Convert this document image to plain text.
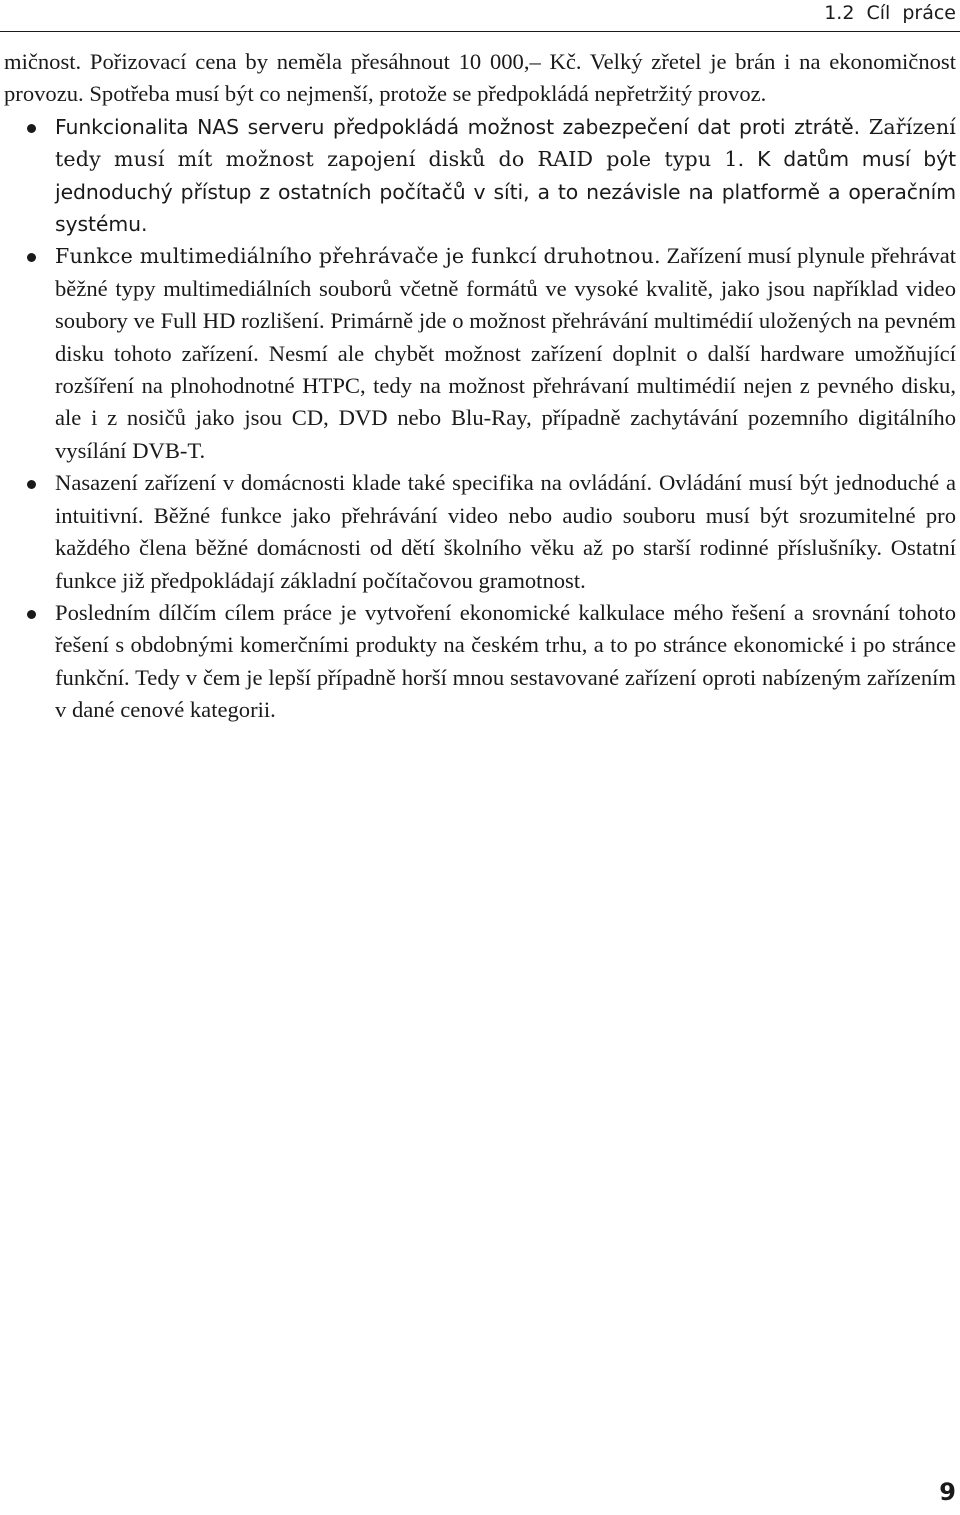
1.2 Cíl práce

mičnost. Pořizovací cena by neměla přesáhnout 10 000,– Kč. Velký zřetel je brán i na ekonomičnost provozu. Spotřeba musí být co nejmenší, protože se předpokládá nepřetržitý provoz.

Funkcionalita NAS serveru předpokládá možnost zabezpečení dat proti ztrátě. Zařízení tedy musí mít možnost zapojení disků do RAID pole typu 1. K datům musí být jednoduchý přístup z ostatních počítačů v síti, a to nezávisle na platformě a operačním systému.
Funkce multimediálního přehrávače je funkcí druhotnou. Zařízení musí plynule přehrávat běžné typy multimediálních souborů včetně formátů ve vysoké kvalitě, jako jsou například video soubory ve Full HD rozlišení. Primárně jde o možnost přehrávání multimédií uložených na pevném disku tohoto zařízení. Nesmí ale chybět možnost zařízení doplnit o další hardware umožňující rozšíření na plnohodnotné HTPC, tedy na možnost přehrávaní multimédií nejen z pevného disku, ale i z nosičů jako jsou CD, DVD nebo Blu-Ray, případně zachytávání pozemního digitálního vysílání DVB-T.
Nasazení zařízení v domácnosti klade také specifika na ovládání. Ovládání musí být jednoduché a intuitivní. Běžné funkce jako přehrávání video nebo audio souboru musí být srozumitelné pro každého člena běžné domácnosti od dětí školního věku až po starší rodinné příslušníky. Ostatní funkce již předpokládají základní počítačovou gramotnost.
Posledním dílčím cílem práce je vytvoření ekonomické kalkulace mého řešení a srovnání tohoto řešení s obdobnými komerčními produkty na českém trhu, a to po stránce ekonomické i po stránce funkční. Tedy v čem je lepší případně horší mnou sestavované zařízení oproti nabízeným zařízením v dané cenové kategorii.
9
